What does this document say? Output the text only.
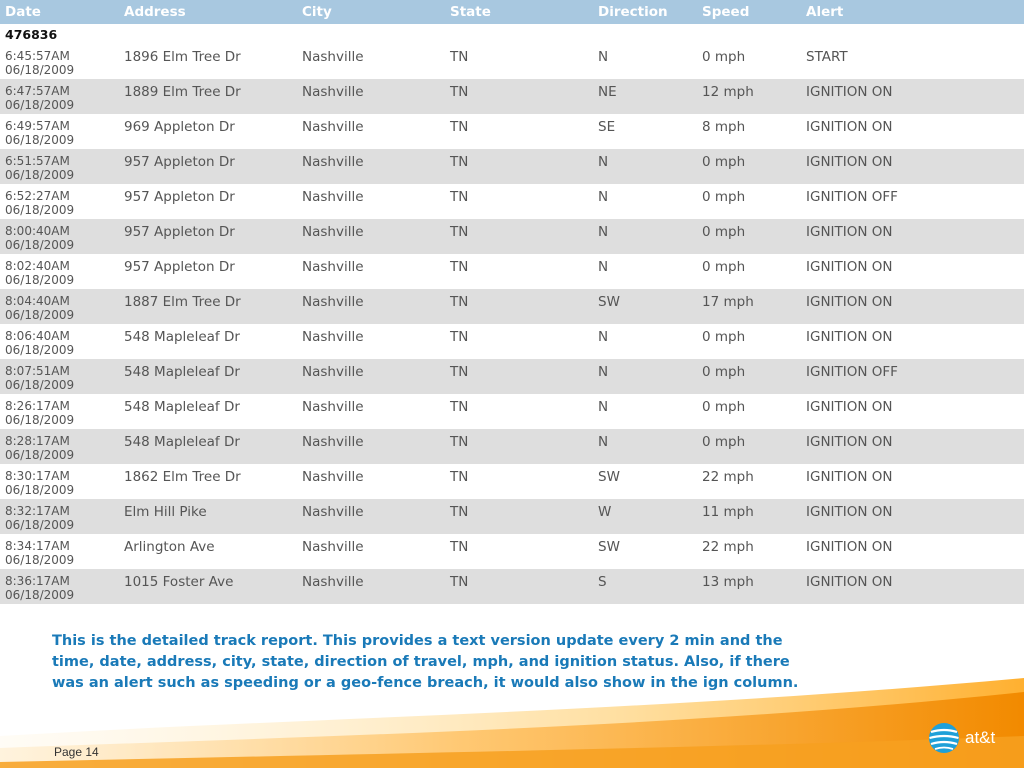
Date	Address	City	State	Direction	Speed	Alert
476836
6:45:57AM
06/18/2009
1896 Elm Tree Dr	Nashville	TN	N	0 mph	START
6:47:57AM
06/18/2009
1889 Elm Tree Dr	Nashville	TN	NE	12 mph	IGNITION ON
6:49:57AM
06/18/2009
969 Appleton Dr	Nashville	TN	SE	8 mph	IGNITION ON
6:51:57AM
06/18/2009
957 Appleton Dr	Nashville	TN	N	0 mph	IGNITION ON
6:52:27AM
06/18/2009
957 Appleton Dr	Nashville	TN	N	0 mph	IGNITION OFF
8:00:40AM
06/18/2009
957 Appleton Dr	Nashville	TN	N	0 mph	IGNITION ON
8:02:40AM
06/18/2009
957 Appleton Dr	Nashville	TN	N	0 mph	IGNITION ON
8:04:40AM
06/18/2009
1887 Elm Tree Dr	Nashville	TN	SW	17 mph	IGNITION ON
8:06:40AM
06/18/2009
548 Mapleleaf Dr	Nashville	TN	N	0 mph	IGNITION ON
8:07:51AM
06/18/2009
548 Mapleleaf Dr	Nashville	TN	N	0 mph	IGNITION OFF
8:26:17AM
06/18/2009
548 Mapleleaf Dr	Nashville	TN	N	0 mph	IGNITION ON
8:28:17AM
06/18/2009
548 Mapleleaf Dr	Nashville	TN	N	0 mph	IGNITION ON
8:30:17AM
06/18/2009
1862 Elm Tree Dr	Nashville	TN	SW	22 mph	IGNITION ON
8:32:17AM
06/18/2009
Elm Hill Pike	Nashville	TN	W	11 mph	IGNITION ON
8:34:17AM
06/18/2009
Arlington Ave	Nashville	TN	SW	22 mph	IGNITION ON
8:36:17AM
06/18/2009
1015 Foster Ave	Nashville	TN	S	13 mph	IGNITION ON
This is the detailed track report. This provides a text version update every 2 min and the
time, date, address, city, state, direction of travel, mph, and ignition status. Also, if there
was an alert such as speeding or a geo-fence breach, it would also show in the ign column.
Page 14
at&t
